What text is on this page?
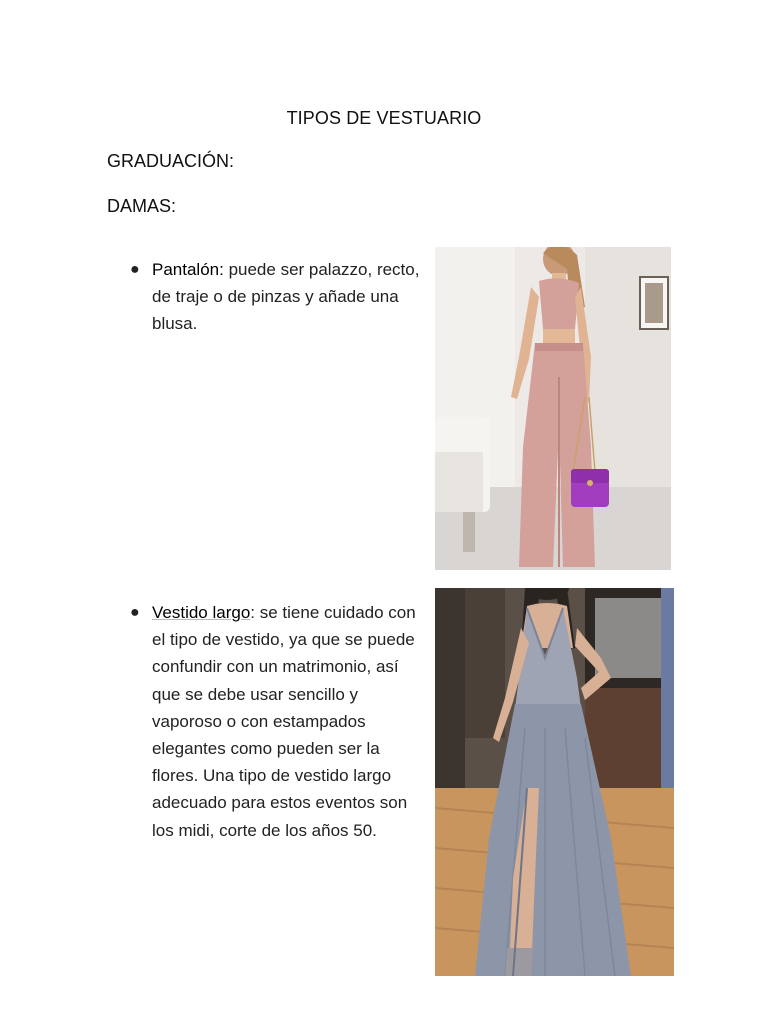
TIPOS DE VESTUARIO
GRADUACIÓN:
DAMAS:
● Pantalón: puede ser palazzo, recto, de traje o de pinzas y añade una blusa.
● Vestido largo: se tiene cuidado con el tipo de vestido, ya que se puede confundir con un matrimonio, así que se debe usar sencillo y vaporoso o con estampados elegantes como pueden ser la flores. Una tipo de vestido largo adecuado para estos eventos son los midi, corte de los años 50.
